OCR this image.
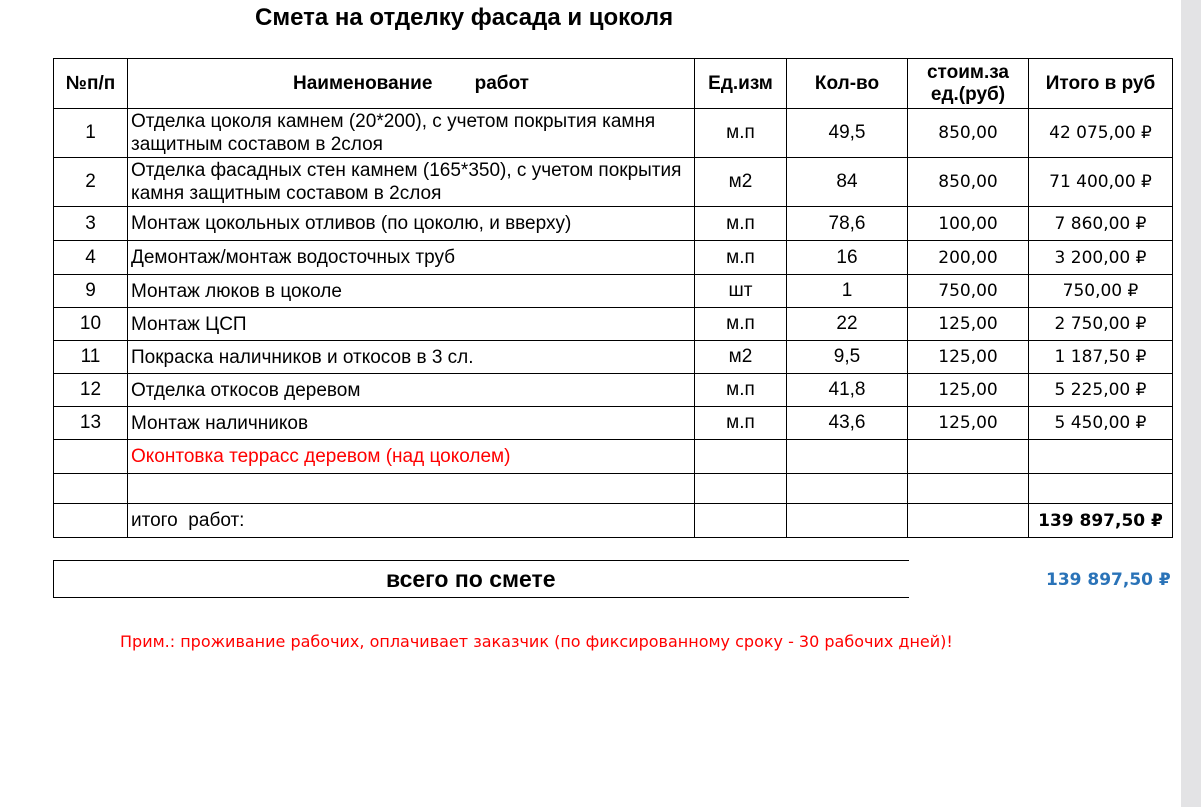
Смета на отделку фасада и цоколя
№п/п	Наименование        работ	Ед.изм	Кол-во	стоим.за ед.(руб)	Итого в руб
1	Отделка цоколя камнем (20*200), с учетом покрытия камня защитным составом в 2слоя	м.п	49,5	850,00	42 075,00 ₽
2	Отделка фасадных стен камнем (165*350), с учетом покрытия камня защитным составом в 2слоя	м2	84	850,00	71 400,00 ₽
3	Монтаж цокольных отливов (по цоколю, и вверху)	м.п	78,6	100,00	7 860,00 ₽
4	Демонтаж/монтаж водосточных труб	м.п	16	200,00	3 200,00 ₽
9	Монтаж люков в цоколе	шт	1	750,00	750,00 ₽
10	Монтаж ЦСП	м.п	22	125,00	2 750,00 ₽
11	Покраска наличников и откосов в 3 сл.	м2	9,5	125,00	1 187,50 ₽
12	Отделка откосов деревом	м.п	41,8	125,00	5 225,00 ₽
13	Монтаж наличников	м.п	43,6	125,00	5 450,00 ₽
	Оконтовка террасс деревом (над цоколем)				

	итого  работ:				139 897,50 ₽
всего по смете	139 897,50 ₽
Прим.: проживание рабочих, оплачивает заказчик (по фиксированному сроку - 30 рабочих дней)!
